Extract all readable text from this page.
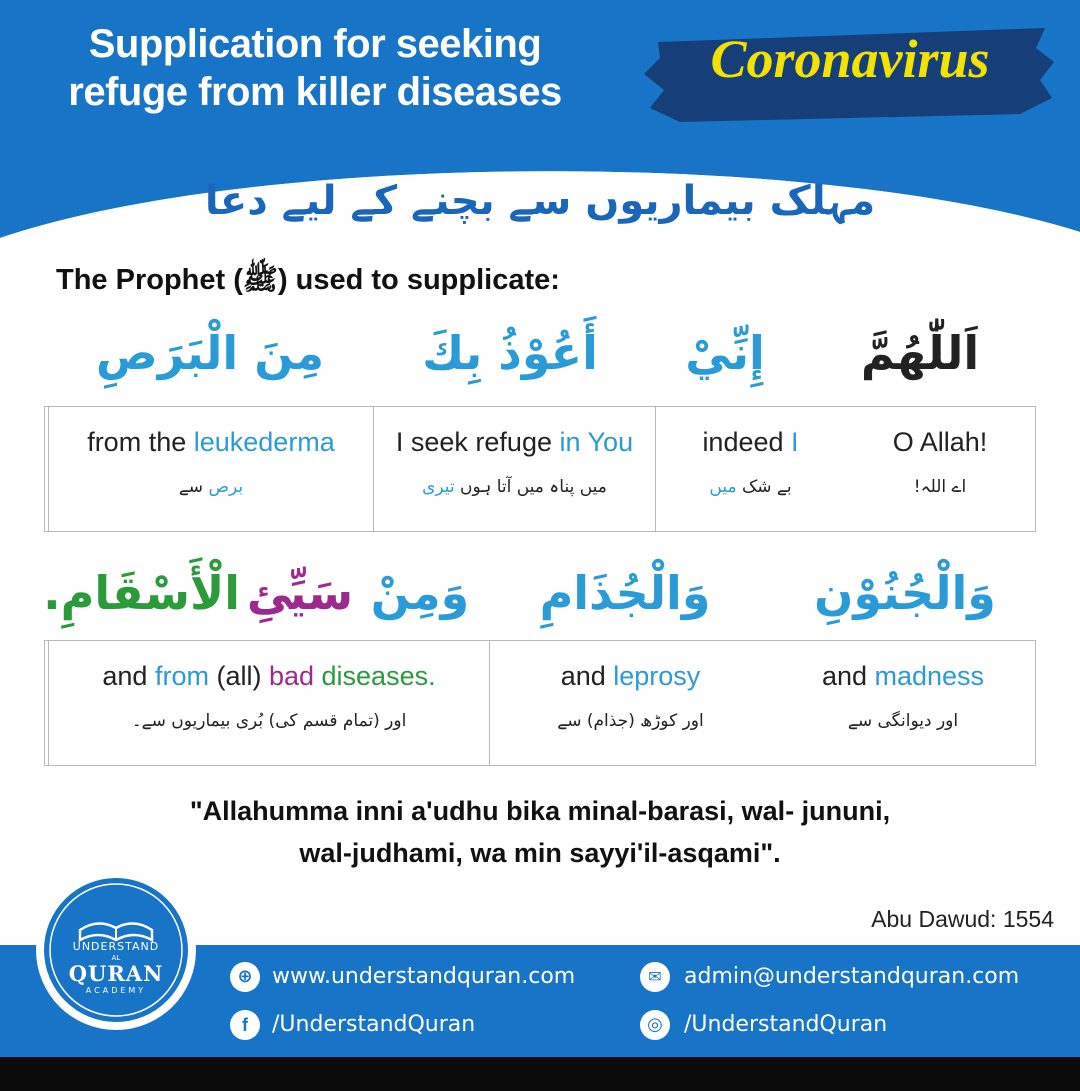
Supplication for seeking
refuge from killer diseases
Coronavirus
مہلک بیماریوں سے بچنے کے لیے دعا
The Prophet (ﷺ) used to supplicate:
اَللّٰهُمَّ
إِنِّيْ
أَعُوْذُ بِكَ
مِنَ الْبَرَصِ
O Allah!
اے اللہ!
indeed I
بے شک میں
I seek refuge in You
میں پناہ میں آتا ہوں تیری
from the leukederma
برص سے
وَالْجُنُوْنِ
وَالْجُذَامِ
وَمِنْ
سَيِّئِ
الْأَسْقَامِ.
and madness
اور دیوانگی سے
and leprosy
اور کوڑھ (جذام) سے
and from (all) bad diseases.
اور (تمام قسم کی) بُری بیماریوں سے۔
"Allahumma inni a'udhu bika minal-barasi, wal- jununi,
wal-judhami, wa min sayyi'il-asqami".
Abu Dawud: 1554
UNDERSTAND
AL
QURAN
ACADEMY
⊕ www.understandquran.com	✉	admin@understandquran.com
f	/UnderstandQuran	◎ /UnderstandQuran
